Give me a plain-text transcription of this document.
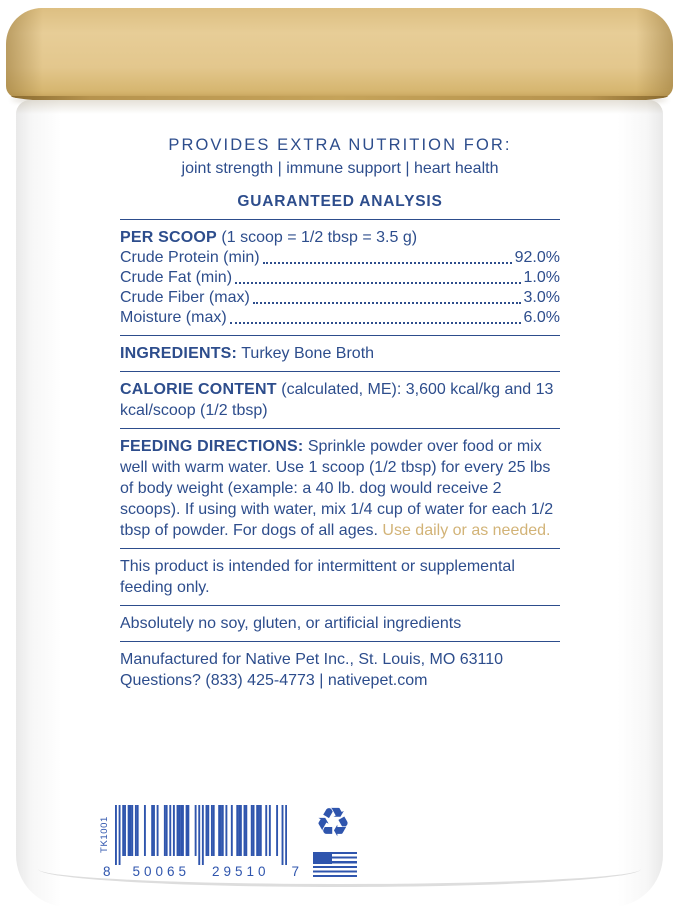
PROVIDES EXTRA NUTRITION FOR:
joint strength | immune support | heart health
GUARANTEED ANALYSIS
PER SCOOP (1 scoop = 1/2 tbsp = 3.5 g)
Crude Protein (min)	92.0%
Crude Fat (min)	1.0%
Crude Fiber (max)	3.0%
Moisture (max)	6.0%

INGREDIENTS: Turkey Bone Broth

CALORIE CONTENT (calculated, ME): 3,600 kcal/kg and 13 kcal/scoop (1/2 tbsp)

FEEDING DIRECTIONS: Sprinkle powder over food or mix well with warm water. Use 1 scoop (1/2 tbsp) for every 25 lbs of body weight (example: a 40 lb. dog would receive 2 scoops). If using with water, mix 1/4 cup of water for each 1/2 tbsp of powder. For dogs of all ages. Use daily or as needed.

This product is intended for intermittent or supplemental feeding only.

Absolutely no soy, gluten, or artificial ingredients

Manufactured for Native Pet Inc., St. Louis, MO 63110
Questions? (833) 425-4773 | nativepet.com

TK1001
8 50065 29510 7
♻
